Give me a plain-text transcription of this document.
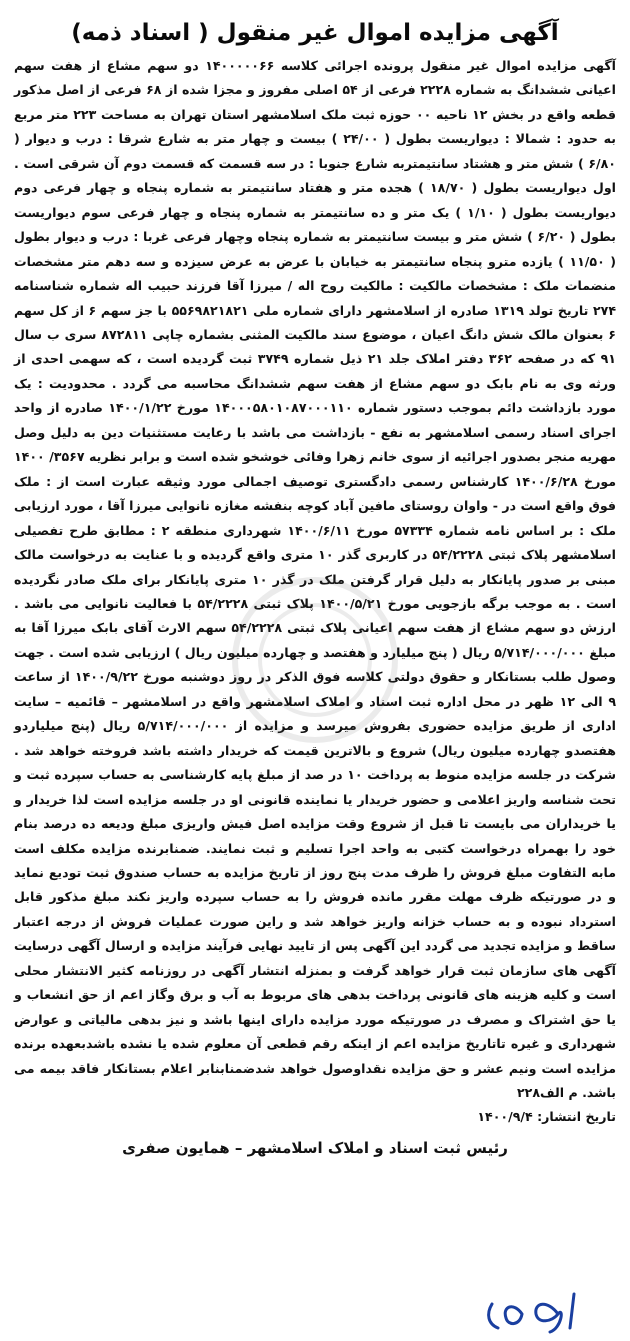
آگهی مزایده اموال غیر منقول ( اسناد ذمه)

آگهی مزایده اموال غیر منقول پرونده اجرائی کلاسه ۱۴۰۰۰۰۰۶۶ دو سهم مشاع از هفت سهم اعیانی ششدانگ به شماره ۲۲۲۸ فرعی از ۵۴ اصلی مفروز و مجزا شده از ۶۸ فرعی از اصل مذکور قطعه واقع در بخش ۱۲ ناحیه ۰۰ حوزه ثبت ملک اسلامشهر استان تهران به مساحت ۲۲۳ متر مربع به حدود : شمالا : دیواریست بطول ( ۲۴/۰۰ ) بیست و چهار متر به شارع شرقا : درب و دیوار ( ۶/۸۰ ) شش متر و هشتاد سانتیمتربه شارع جنوبا : در سه قسمت که قسمت دوم آن شرقی است . اول دیواریست بطول ( ۱۸/۷۰ ) هجده متر و هفتاد سانتیمتر به شماره پنجاه و چهار فرعی دوم دیواریست بطول ( ۱/۱۰ ) یک متر و ده سانتیمتر به شماره پنجاه و چهار فرعی سوم دیواریست بطول ( ۶/۲۰ ) شش متر و بیست سانتیمتر به شماره پنجاه وچهار فرعی غربا : درب و دیوار بطول ( ۱۱/۵۰ ) یازده مترو پنجاه سانتیمتر به خیابان با عرض به عرض سیزده و سه دهم متر مشخصات منضمات ملک : مشخصات مالکیت : مالکیت روح اله / میرزا آقا فرزند حبیب اله شماره شناسنامه ۲۷۴ تاریخ تولد ۱۳۱۹ صادره از اسلامشهر دارای شماره ملی ۵۵۶۹۸۲۱۸۲۱ با جز سهم ۶ از کل سهم ۶ بعنوان مالک شش دانگ اعیان ، موضوع سند مالکیت المثنی بشماره چاپی ۸۷۲۸۱۱ سری ب سال ۹۱ که در صفحه ۳۶۲ دفتر املاک جلد ۲۱ ذیل شماره ۳۷۴۹ ثبت گردیده است ، که سهمی احدی از ورثه وی به نام بابک دو سهم مشاع از هفت سهم ششدانگ محاسبه می گردد . محدودیت : یک مورد بازداشت دائم بموجب دستور شماره ۱۴۰۰۰۵۸۰۱۰۸۷۰۰۰۱۱۰ مورخ ۱۴۰۰/۱/۲۲ صادره از واحد اجرای اسناد رسمی اسلامشهر به نفع - بازداشت می باشد با رعایت مستثنیات دین به دلیل وصل مهریه منجر بصدور اجرائیه از سوی خانم زهرا وفائی خوشخو شده است و برابر نظریه ۳۵۶۷/ ۱۴۰۰ مورخ ۱۴۰۰/۶/۲۸ کارشناس رسمی دادگستری توصیف اجمالی مورد وثیقه عبارت است از : ملک فوق واقع است در - واوان روستای مافین آباد کوچه بنفشه مغازه نانوایی میرزا آقا ، مورد ارزیابی ملک : بر اساس نامه شماره ۵۷۳۳۴ مورخ ۱۴۰۰/۶/۱۱ شهرداری منطقه ۲ : مطابق طرح تفصیلی اسلامشهر پلاک ثبتی ۵۴/۲۲۲۸ در کاربری گذر ۱۰ متری واقع گردیده و با عنایت به درخواست مالک مبنی بر صدور پایانکار به دلیل قرار گرفتن ملک در گذر ۱۰ متری پایانکار برای ملک صادر نگردیده است . به موجب برگه بازجویی مورخ ۱۴۰۰/۵/۲۱ پلاک ثبتی ۵۴/۲۲۲۸ با فعالیت نانوایی می باشد . ارزش دو سهم مشاع از هفت سهم اعیانی پلاک ثبتی ۵۴/۲۲۲۸ سهم الارث آقای بابک میرزا آقا به مبلغ ۵/۷۱۴/۰۰۰/۰۰۰ ریال ( پنج میلیارد و هفتصد و چهارده میلیون ریال ) ارزیابی شده است . جهت وصول طلب بستانکار و حقوق دولتی کلاسه فوق الذکر در روز دوشنبه مورخ ۱۴۰۰/۹/۲۲ از ساعت ۹ الی ۱۲ ظهر در محل اداره ثبت اسناد و املاک اسلامشهر واقع در اسلامشهر – قائمیه – سایت اداری از طریق مزایده حضوری بفروش میرسد و مزایده از ۵/۷۱۴/۰۰۰/۰۰۰ ریال (پنج میلیاردو هفتصدو چهارده میلیون ریال) شروع و بالاترین قیمت که خریدار داشته باشد فروخته خواهد شد . شرکت در جلسه مزایده منوط به پرداخت ۱۰ در صد از مبلغ پایه کارشناسی به حساب سپرده ثبت و تحت شناسه واریز اعلامی و حضور خریدار یا نماینده قانونی او در جلسه مزایده است لذا خریدار و یا خریداران می بایست تا قبل از شروع وقت مزایده اصل فیش واریزی مبلغ ودیعه ده درصد بنام خود را بهمراه درخواست کتبی به واحد اجرا تسلیم و ثبت نمایند. ضمنابرنده مزایده مکلف است مابه التفاوت مبلغ فروش را ظرف مدت پنج روز از تاریخ مزایده به حساب صندوق ثبت تودیع نماید و در صورتیکه ظرف مهلت مقرر مانده فروش را به حساب سپرده واریز نکند مبلغ مذکور قابل استرداد نبوده و به حساب خزانه واریز خواهد شد و راین صورت عملیات فروش از درجه اعتبار ساقط و مزایده تجدید می گردد این آگهی پس از تایید نهایی فرآیند مزایده و ارسال آگهی درسایت آگهی های سازمان ثبت قرار خواهد گرفت و بمنزله انتشار آگهی در روزنامه کثیر الانتشار محلی است و کلیه هزینه های قانونی پرداخت بدهی های مربوط به آب و برق وگاز اعم از حق انشعاب و یا حق اشتراک و مصرف در صورتیکه مورد مزایده دارای اینها باشد و نیز بدهی مالیاتی و عوارض شهرداری و غیره تاتاریخ مزایده اعم از اینکه رقم قطعی آن معلوم شده یا نشده باشدبعهده برنده مزایده است ونیم عشر و حق مزایده نقداوصول خواهد شدضمنابنابر اعلام بستانکار فاقد بیمه می باشد. م الف۲۲۸

تاریخ انتشار: ۱۴۰۰/۹/۴

رئیس ثبت اسناد و املاک اسلامشهر – همایون صفری
